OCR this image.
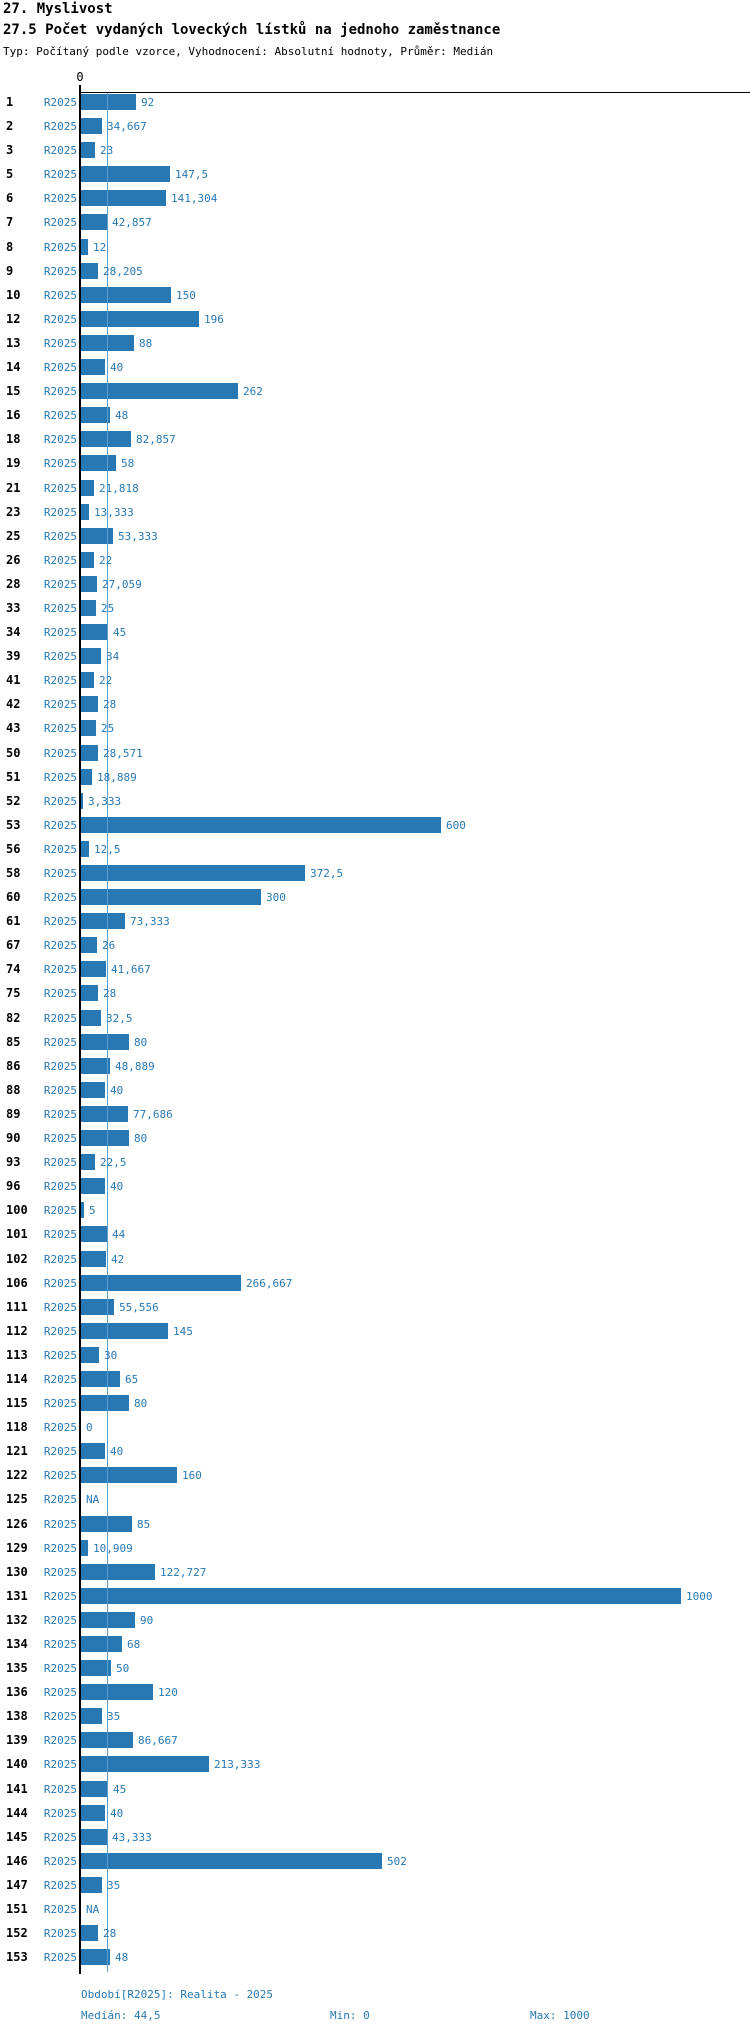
27. Myslivost
27.5 Počet vydaných loveckých lístků na jednoho zaměstnance
Typ: Počítaný podle vzorce, Vyhodnocení: Absolutní hodnoty, Průměr: Medián
0
1	R2025	92
2	R2025	34,667
3	R2025 23
5	R2025	147,5
6	R2025	141,304
7	R2025	42,857
8	R2025 12
9	R2025 28,205
10	R2025	150
12	R2025	196
13	R2025	88
14	R2025	40
15	R2025	262
16	R2025	48
18	R2025	82,857
19	R2025	58
21	R2025 21,818
23	R2025 13,333
25	R2025	53,333
26	R2025 22
28	R2025 27,059
33	R2025 25
34	R2025	45
39	R2025	34
41	R2025 22
42	R2025 28
43	R2025 25
50	R2025 28,571
51	R2025 18,889
52	R2025 3,333
53	R2025	600
56	R2025 12,5
58	R2025	372,5
60	R2025	300
61	R2025	73,333
67	R2025 26
74	R2025	41,667
75	R2025 28
82	R2025	32,5
85	R2025	80
86	R2025	48,889
88	R2025	40
89	R2025	77,686
90	R2025	80
93	R2025 22,5
96	R2025	40
100	R2025 5
101	R2025	44
102	R2025	42
106	R2025	266,667
111	R2025	55,556
112	R2025	145
113	R2025 30
114	R2025	65
115	R2025	80
118	R2025 0
121	R2025	40
122	R2025	160
125	R2025 NA
126	R2025	85
129	R2025 10,909
130	R2025	122,727
131	R2025	1000
132	R2025	90
134	R2025	68
135	R2025	50
136	R2025	120
138	R2025	35
139	R2025	86,667
140	R2025	213,333
141	R2025	45
144	R2025	40
145	R2025	43,333
146	R2025	502
147	R2025	35
151	R2025 NA
152	R2025 28
153	R2025	48
Období[R2025]: Realita - 2025
Medián: 44,5	Min: 0	Max: 1000
